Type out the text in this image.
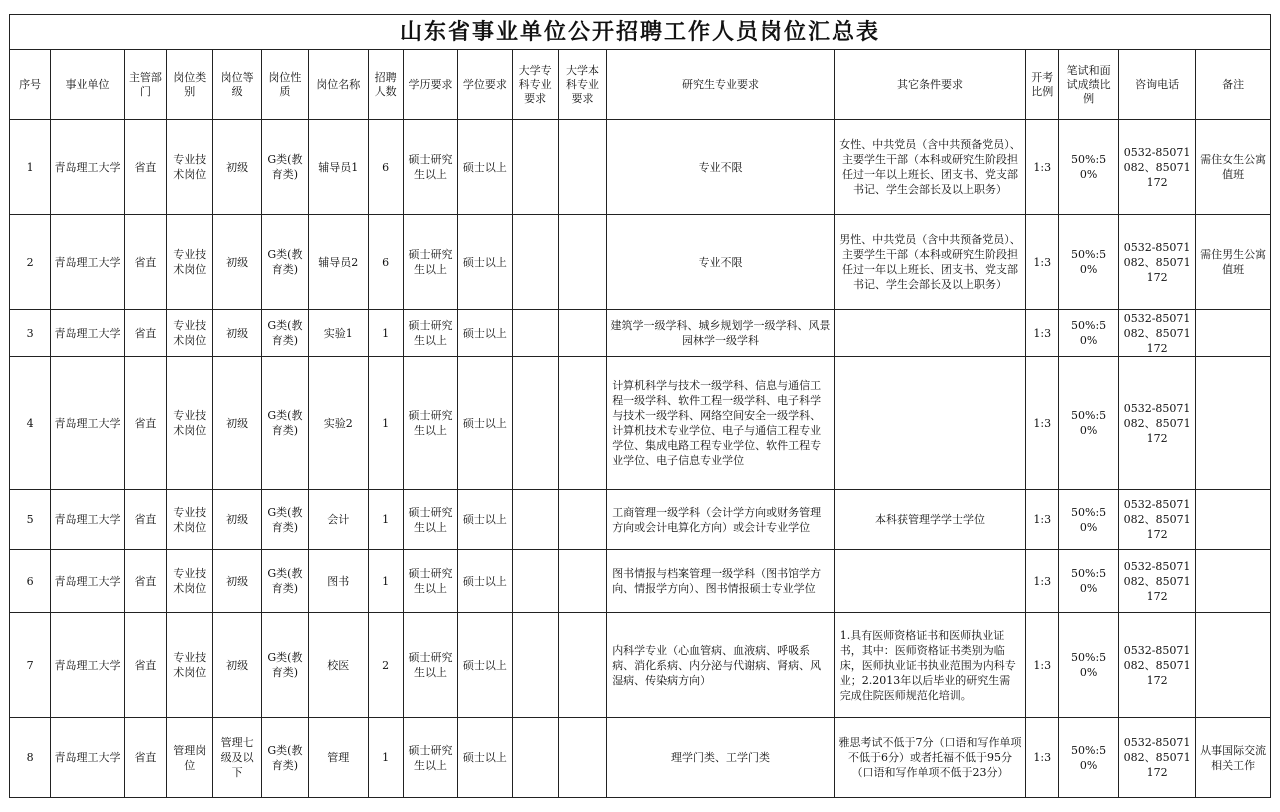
山东省事业单位公开招聘工作人员岗位汇总表
序号	事业单位	主管部门	岗位类别	岗位等级	岗位性质	岗位名称	招聘人数	学历要求	学位要求	大学专科专业要求	大学本科专业要求	研究生专业要求	其它条件要求	开考比例	笔试和面试成绩比例	咨询电话	备注
1	青岛理工大学	省直	专业技术岗位	初级	G类(教育类)	辅导员1	6	硕士研究生以上	硕士以上			专业不限	女性、中共党员（含中共预备党员）、主要学生干部（本科或研究生阶段担任过一年以上班长、团支书、党支部书记、学生会部长及以上职务）	1:3	50%:50%	0532-85071082、85071172	需住女生公寓值班
2	青岛理工大学	省直	专业技术岗位	初级	G类(教育类)	辅导员2	6	硕士研究生以上	硕士以上			专业不限	男性、中共党员（含中共预备党员）、主要学生干部（本科或研究生阶段担任过一年以上班长、团支书、党支部书记、学生会部长及以上职务）	1:3	50%:50%	0532-85071082、85071172	需住男生公寓值班
3	青岛理工大学	省直	专业技术岗位	初级	G类(教育类)	实验1	1	硕士研究生以上	硕士以上			建筑学一级学科、城乡规划学一级学科、风景园林学一级学科		1:3	50%:50%	0532-85071082、85071172	
4	青岛理工大学	省直	专业技术岗位	初级	G类(教育类)	实验2	1	硕士研究生以上	硕士以上			计算机科学与技术一级学科、信息与通信工程一级学科、软件工程一级学科、电子科学与技术一级学科、网络空间安全一级学科、计算机技术专业学位、电子与通信工程专业学位、集成电路工程专业学位、软件工程专业学位、电子信息专业学位		1:3	50%:50%	0532-85071082、85071172	
5	青岛理工大学	省直	专业技术岗位	初级	G类(教育类)	会计	1	硕士研究生以上	硕士以上			工商管理一级学科（会计学方向或财务管理方向或会计电算化方向）或会计专业学位	本科获管理学学士学位	1:3	50%:50%	0532-85071082、85071172	
6	青岛理工大学	省直	专业技术岗位	初级	G类(教育类)	图书	1	硕士研究生以上	硕士以上			图书情报与档案管理一级学科（图书馆学方向、情报学方向）、图书情报硕士专业学位		1:3	50%:50%	0532-85071082、85071172	
7	青岛理工大学	省直	专业技术岗位	初级	G类(教育类)	校医	2	硕士研究生以上	硕士以上			内科学专业（心血管病、血液病、呼吸系病、消化系病、内分泌与代谢病、肾病、风湿病、传染病方向）	1.具有医师资格证书和医师执业证书，其中：医师资格证书类别为临床，医师执业证书执业范围为内科专业；2.2013年以后毕业的研究生需完成住院医师规范化培训。	1:3	50%:50%	0532-85071082、85071172	
8	青岛理工大学	省直	管理岗位	管理七级及以下	G类(教育类)	管理	1	硕士研究生以上	硕士以上			理学门类、工学门类	雅思考试不低于7分（口语和写作单项不低于6分）或者托福不低于95分（口语和写作单项不低于23分）	1:3	50%:50%	0532-85071082、85071172	从事国际交流相关工作
